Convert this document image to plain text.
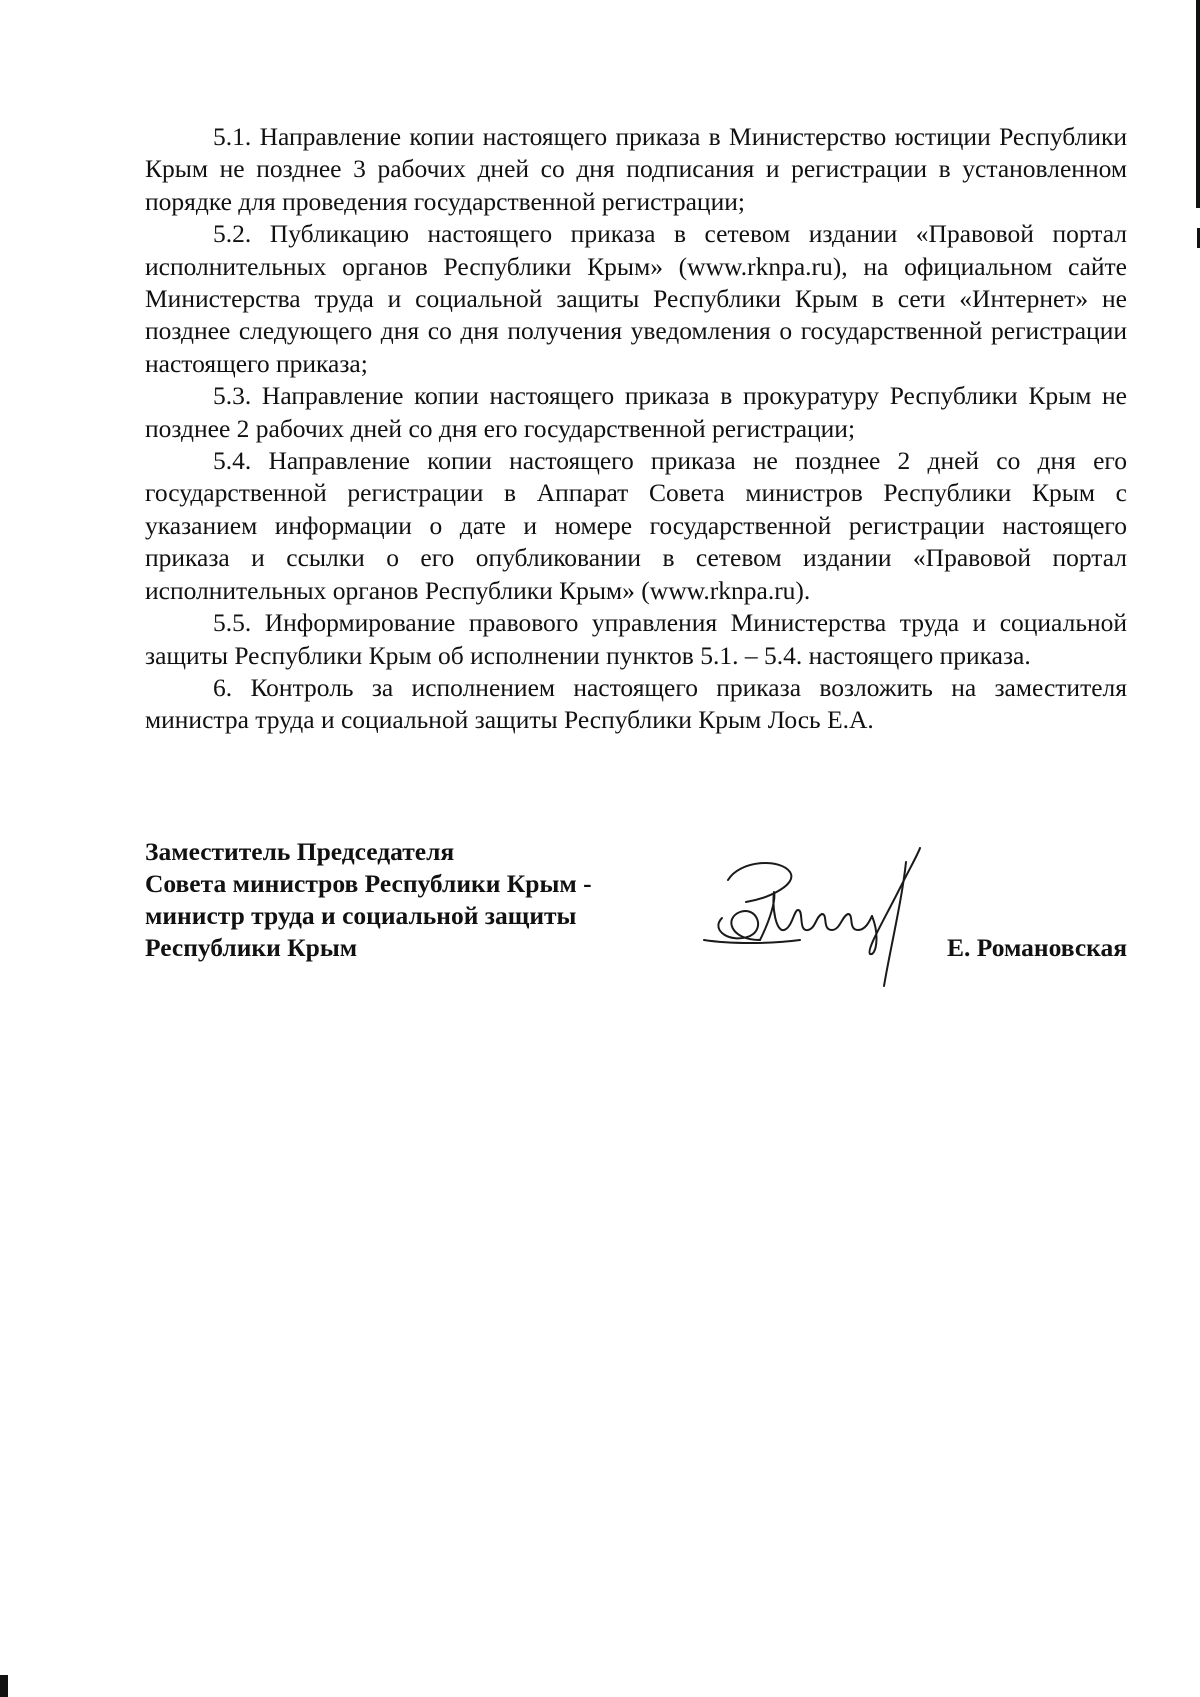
5.1. Направление копии настоящего приказа в Министерство юстиции Республики Крым не позднее 3 рабочих дней со дня подписания и регистрации в установленном порядке для проведения государственной регистрации;

5.2. Публикацию настоящего приказа в сетевом издании «Правовой портал исполнительных органов Республики Крым» (www.rknpa.ru), на официальном сайте Министерства труда и социальной защиты Республики Крым в сети «Интернет» не позднее следующего дня со дня получения уведомления о государственной регистрации настоящего приказа;

5.3. Направление копии настоящего приказа в прокуратуру Республики Крым не позднее 2 рабочих дней со дня его государственной регистрации;

5.4. Направление копии настоящего приказа не позднее 2 дней со дня его государственной регистрации в Аппарат Совета министров Республики Крым с указанием информации о дате и номере государственной регистрации настоящего приказа и ссылки о его опубликовании в сетевом издании «Правовой портал исполнительных органов Республики Крым» (www.rknpa.ru).

5.5. Информирование правового управления Министерства труда и социальной защиты Республики Крым об исполнении пунктов 5.1. – 5.4. настоящего приказа.

6. Контроль за исполнением настоящего приказа возложить на заместителя министра труда и социальной защиты Республики Крым Лось Е.А.

Заместитель Председателя
Совета министров Республики Крым -
министр труда и социальной защиты
Республики Крым	Е. Романовская
